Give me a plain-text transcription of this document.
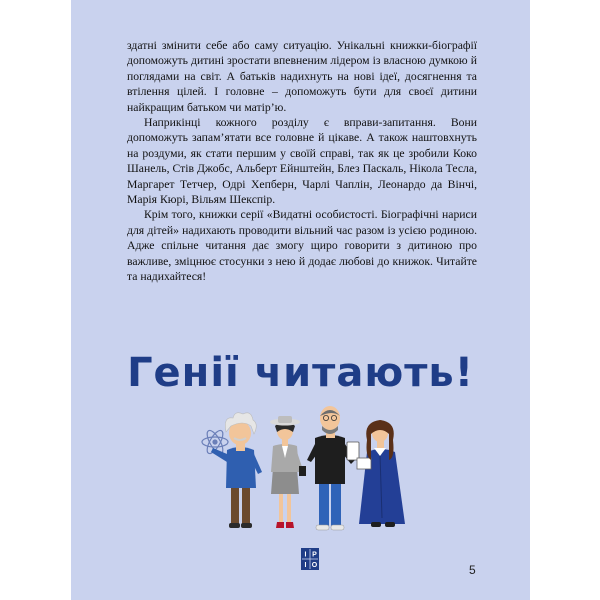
здатні змінити себе або саму ситуацію. Унікальні книжки-біографії допоможуть дитині зростати впевненим лідером із власною думкою й поглядами на світ. А батьків надихнуть на нові ідеї, досягнення та втілення цілей. І головне – допоможуть бути для своєї дитини найкращим батьком чи матір’ю.

Наприкінці кожного розділу є вправи-запитання. Вони допоможуть запам’ятати все головне й цікаве. А також наштовхнуть на роздуми, як стати першим у своїй справі, так як це зробили Коко Шанель, Стів Джобс, Альберт Ейнштейн, Блез Паскаль, Нікола Тесла, Маргарет Тетчер, Одрі Хепберн, Чарлі Чаплін, Леонардо да Вінчі, Марія Кюрі, Вільям Шекспір.

Крім того, книжки серії «Видатні особистості. Біографічні нариси для дітей» надихають проводити вільний час разом із усією родиною. Адже спільне читання дає змогу щиро говорити з дитиною про важливе, зміцнює стосунки з нею й додає любові до книжок. Читайте та надихайтеся!

Генії читають!
I P
I O	5
